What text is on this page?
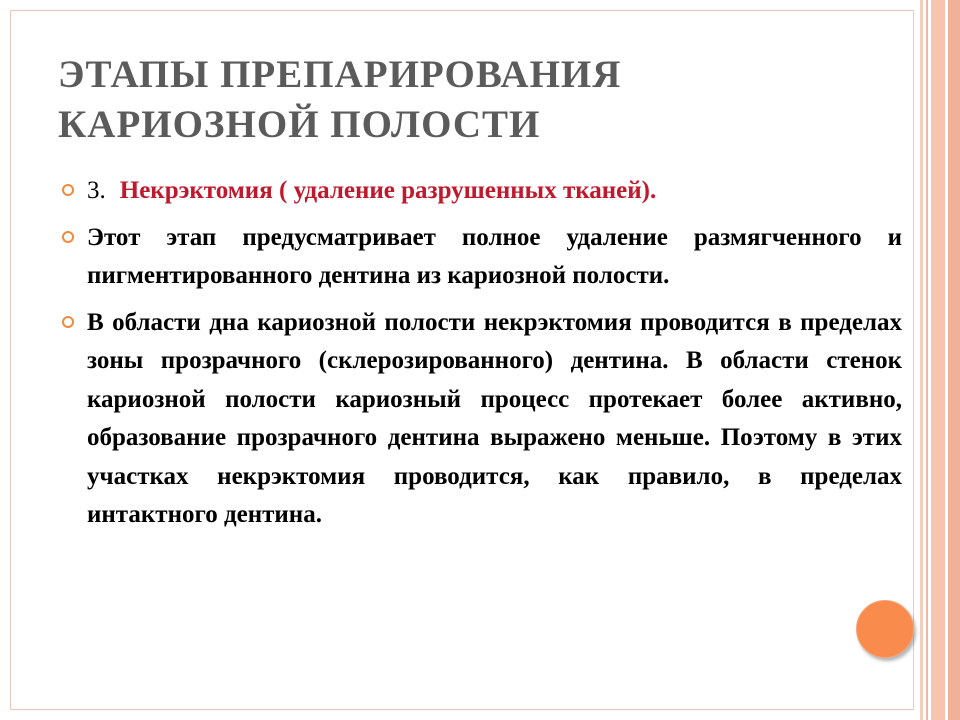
ЭТАПЫ ПРЕПАРИРОВАНИЯ КАРИОЗНОЙ ПОЛОСТИ
3. Некрэктомия ( удаление разрушенных тканей).
Этот этап предусматривает полное удаление размягченного и пигментированного дентина из кариозной полости.
В области дна кариозной полости некрэктомия проводится в пределах зоны прозрачного (склерозированного) дентина. В области стенок кариозной полости кариозный процесс протекает более активно, образование прозрачного дентина выражено меньше. Поэтому в этих участках некрэктомия проводится, как правило, в пределах интактного дентина.
